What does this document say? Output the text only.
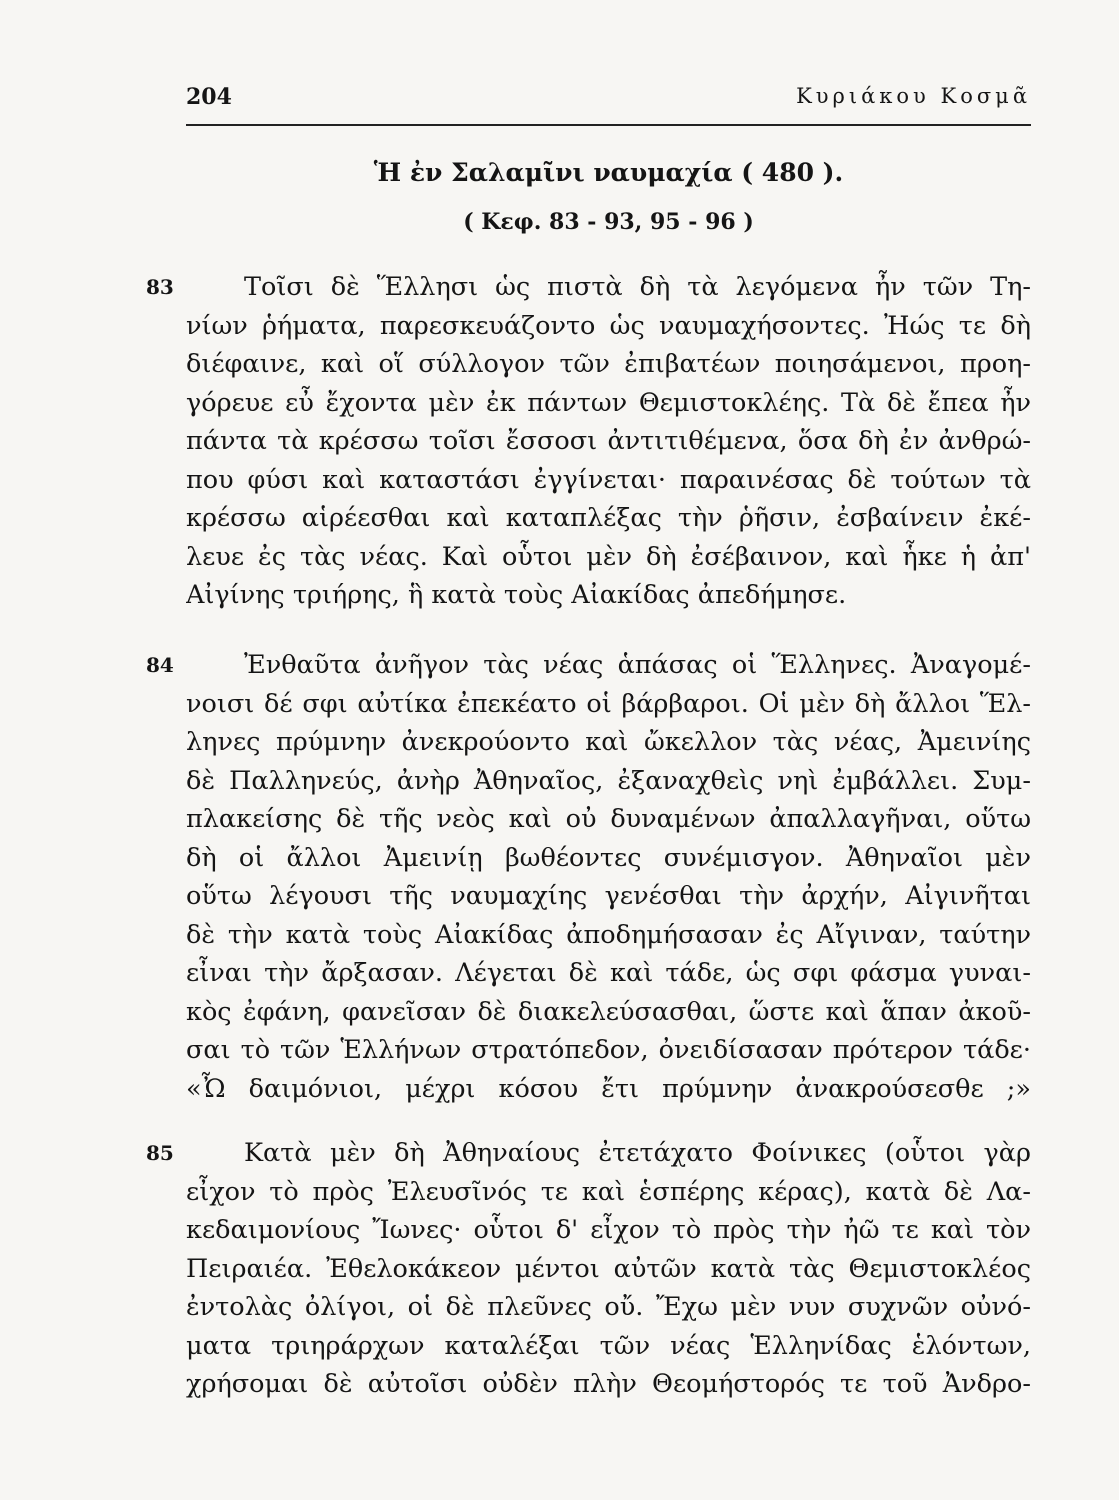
204	Κυριάκου Κοσμᾶ
Ἡ ἐν Σαλαμῖνι ναυμαχία ( 480 ).
( Κεφ. 83 - 93, 95 - 96 )
83	Τοῖσι δὲ Ἕλλησι ὡς πιστὰ δὴ τὰ λεγόμενα ἦν τῶν Τη-
νίων ῥήματα, παρεσκευάζοντο ὡς ναυμαχήσοντες. Ἠώς τε δὴ
διέφαινε, καὶ οἵ σύλλογον τῶν ἐπιβατέων ποιησάμενοι, προη-
γόρευε εὖ ἔχοντα μὲν ἐκ πάντων Θεμιστοκλέης. Τὰ δὲ ἔπεα ἦν
πάντα τὰ κρέσσω τοῖσι ἔσσοσι ἀντιτιθέμενα, ὅσα δὴ ἐν ἀνθρώ-
που φύσι καὶ καταστάσι ἐγγίνεται· παραινέσας δὲ τούτων τὰ
κρέσσω αἱρέεσθαι καὶ καταπλέξας τὴν ῥῆσιν, ἐσβαίνειν ἐκέ-
λευε ἐς τὰς νέας. Καὶ οὗτοι μὲν δὴ ἐσέβαινον, καὶ ἧκε ἡ ἀπ'
Αἰγίνης τριήρης, ἣ κατὰ τοὺς Αἰακίδας ἀπεδήμησε.
84	Ἐνθαῦτα ἀνῆγον τὰς νέας ἁπάσας οἱ Ἕλληνες. Ἀναγομέ-
νοισι δέ σφι αὐτίκα ἐπεκέατο οἱ βάρβαροι. Οἱ μὲν δὴ ἄλλοι Ἕλ-
ληνες πρύμνην ἀνεκρούοντο καὶ ὤκελλον τὰς νέας, Ἀμεινίης
δὲ Παλληνεύς, ἀνὴρ Ἀθηναῖος, ἐξαναχθεὶς νηὶ ἐμβάλλει. Συμ-
πλακείσης δὲ τῆς νεὸς καὶ οὐ δυναμένων ἀπαλλαγῆναι, οὕτω
δὴ οἱ ἄλλοι Ἀμεινίῃ βωθέοντες συνέμισγον. Ἀθηναῖοι μὲν
οὕτω λέγουσι τῆς ναυμαχίης γενέσθαι τὴν ἀρχήν, Αἰγινῆται
δὲ τὴν κατὰ τοὺς Αἰακίδας ἀποδημήσασαν ἐς Αἴγιναν, ταύτην
εἶναι τὴν ἄρξασαν. Λέγεται δὲ καὶ τάδε, ὡς σφι φάσμα γυναι-
κὸς ἐφάνη, φανεῖσαν δὲ διακελεύσασθαι, ὥστε καὶ ἅπαν ἀκοῦ-
σαι τὸ τῶν Ἑλλήνων στρατόπεδον, ὀνειδίσασαν πρότερον τάδε·
«Ὦ δαιμόνιοι, μέχρι κόσου ἔτι πρύμνην ἀνακρούσεσθε ;»
85	Κατὰ μὲν δὴ Ἀθηναίους ἐτετάχατο Φοίνικες (οὗτοι γὰρ
εἶχον τὸ πρὸς Ἐλευσῖνός τε καὶ ἑσπέρης κέρας), κατὰ δὲ Λα-
κεδαιμονίους Ἴωνες· οὗτοι δ' εἶχον τὸ πρὸς τὴν ἠῶ τε καὶ τὸν
Πειραιέα. Ἐθελοκάκεον μέντοι αὐτῶν κατὰ τὰς Θεμιστοκλέος
ἐντολὰς ὀλίγοι, οἱ δὲ πλεῦνες οὔ. Ἔχω μὲν νυν συχνῶν οὐνό-
ματα τριηράρχων καταλέξαι τῶν νέας Ἑλληνίδας ἑλόντων,
χρήσομαι δὲ αὐτοῖσι οὐδὲν πλὴν Θεομήστορός τε τοῦ Ἀνδρο-
